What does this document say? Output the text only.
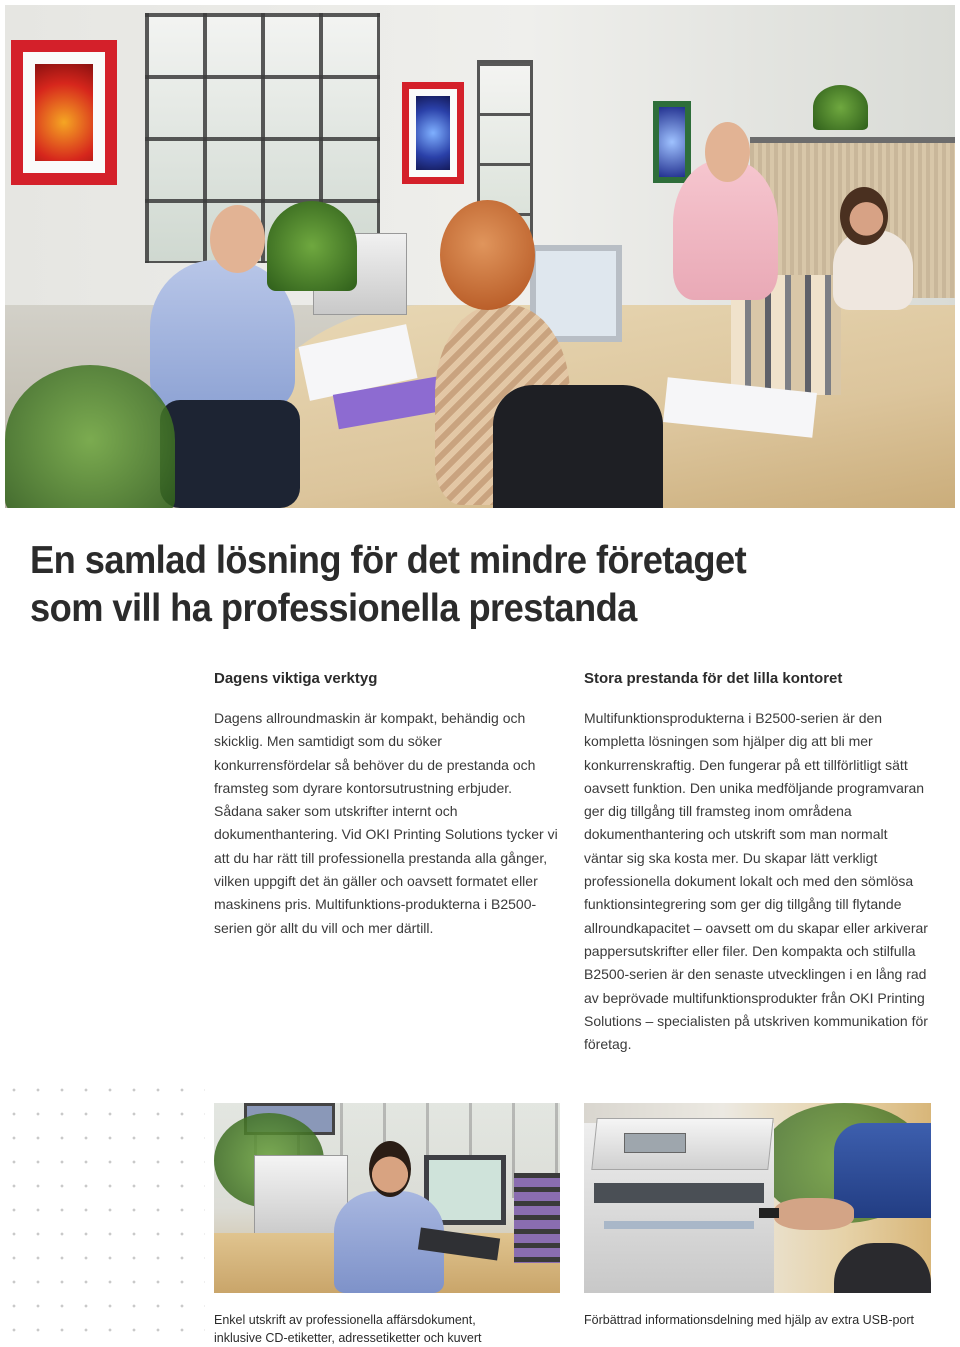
En samlad lösning för det mindre företaget
som vill ha professionella prestanda
Dagens viktiga verktyg

Dagens allroundmaskin är kompakt, behändig och skicklig. Men samtidigt som du söker konkurrensfördelar så behöver du de prestanda och framsteg som dyrare kontorsutrustning erbjuder. Sådana saker som utskrifter internt och dokumenthantering. Vid OKI Printing Solutions tycker vi att du har rätt till professionella prestanda alla gånger, vilken uppgift det än gäller och oavsett formatet eller maskinens pris. Multifunktions-produkterna i B2500-serien gör allt du vill och mer därtill.

Stora prestanda för det lilla kontoret

Multifunktionsprodukterna i B2500-serien är den kompletta lösningen som hjälper dig att bli mer konkurrenskraftig. Den fungerar på ett tillförlitligt sätt oavsett funktion. Den unika medföljande programvaran ger dig tillgång till framsteg inom områdena dokumenthantering och utskrift som man normalt väntar sig ska kosta mer. Du skapar lätt verkligt professionella dokument lokalt och med den sömlösa funktionsintegrering som ger dig tillgång till flytande allroundkapacitet – oavsett om du skapar eller arkiverar pappersutskrifter eller filer. Den kompakta och stilfulla B2500-serien är den senaste utvecklingen i en lång rad av beprövade multifunktionsprodukter från OKI Printing Solutions – specialisten på utskriven kommunikation för företag.

Enkel utskrift av professionella affärsdokument,
inklusive CD-etiketter, adressetiketter och kuvert
Förbättrad informationsdelning med hjälp av extra USB-port
